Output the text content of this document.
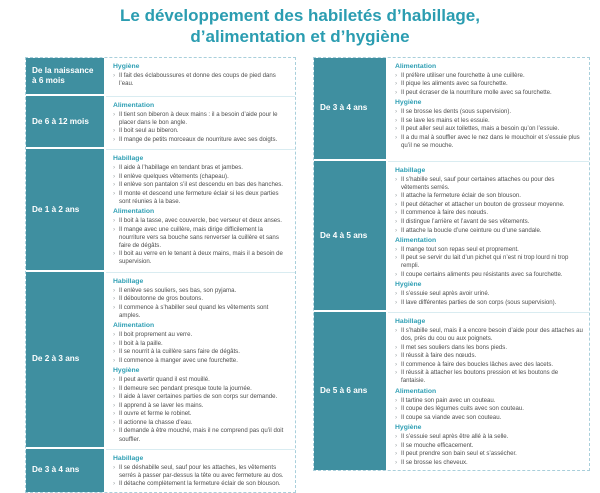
Le développement des habiletés d’habillage,
d’alimentation et d’hygiène
De la naissance à 6 mois
Hygiène
› Il fait des éclaboussures et donne des coups de pied dans l’eau.
De 6 à 12 mois
Alimentation
› Il tient son biberon à deux mains : il a besoin d’aide pour le placer dans le bon angle.
› Il boit seul au biberon.
› Il mange de petits morceaux de nourriture avec ses doigts.
De 1 à 2 ans
Habillage
› Il aide à l’habillage en tendant bras et jambes.
› Il enlève quelques vêtements (chapeau).
› Il enlève son pantalon s’il est descendu en bas des hanches.
› Il monte et descend une fermeture éclair si les deux parties sont réunies à la base.
Alimentation
› Il boit à la tasse, avec couvercle, bec verseur et deux anses.
› Il mange avec une cuillère, mais dirige difficilement la nourriture vers sa bouche sans renverser la cuillère et sans faire de dégâts.
› Il boit au verre en le tenant à deux mains, mais il a besoin de supervision.
De 2 à 3 ans
Habillage
› Il enlève ses souliers, ses bas, son pyjama.
› Il déboutonne de gros boutons.
› Il commence à s’habiller seul quand les vêtements sont amples.
Alimentation
› Il boit proprement au verre.
› Il boit à la paille.
› Il se nourrit à la cuillère sans faire de dégâts.
› Il commence à manger avec une fourchette.
Hygiène
› Il peut avertir quand il est mouillé.
› Il demeure sec pendant presque toute la journée.
› Il aide à laver certaines parties de son corps sur demande.
› Il apprend à se laver les mains.
› Il ouvre et ferme le robinet.
› Il actionne la chasse d’eau.
› Il demande à être mouché, mais il ne comprend pas qu’il doit souffler.
De 3 à 4 ans
Habillage
› Il se déshabille seul, sauf pour les attaches, les vêtements serrés à passer par-dessus la tête ou avec fermeture au dos.
› Il détache complètement la fermeture éclair de son blouson.
De 3 à 4 ans
Alimentation
› Il préfère utiliser une fourchette à une cuillère.
› Il pique les aliments avec sa fourchette.
› Il peut écraser de la nourriture molle avec sa fourchette.
Hygiène
› Il se brosse les dents (sous supervision).
› Il se lave les mains et les essuie.
› Il peut aller seul aux toilettes, mais a besoin qu’on l’essuie.
› Il a du mal à souffler avec le nez dans le mouchoir et s’essuie plus qu’il ne se mouche.
De 4 à 5 ans
Habillage
› Il s’habille seul, sauf pour certaines attaches ou pour des vêtements serrés.
› Il attache la fermeture éclair de son blouson.
› Il peut détacher et attacher un bouton de grosseur moyenne.
› Il commence à faire des nœuds.
› Il distingue l’arrière et l’avant de ses vêtements.
› Il attache la boucle d’une ceinture ou d’une sandale.
Alimentation
› Il mange tout son repas seul et proprement.
› Il peut se servir du lait d’un pichet qui n’est ni trop lourd ni trop rempli.
› Il coupe certains aliments peu résistants avec sa fourchette.
Hygiène
› Il s’essuie seul après avoir uriné.
› Il lave différentes parties de son corps (sous supervision).
De 5 à 6 ans
Habillage
› Il s’habille seul, mais il a encore besoin d’aide pour des attaches au dos, près du cou ou aux poignets.
› Il met ses souliers dans les bons pieds.
› Il réussit à faire des nœuds.
› Il commence à faire des boucles lâches avec des lacets.
› Il réussit à attacher les boutons pression et les boutons de fantaisie.
Alimentation
› Il tartine son pain avec un couteau.
› Il coupe des légumes cuits avec son couteau.
› Il coupe sa viande avec son couteau.
Hygiène
› Il s’essuie seul après être allé à la selle.
› Il se mouche efficacement.
› Il peut prendre son bain seul et s’assécher.
› Il se brosse les cheveux.
